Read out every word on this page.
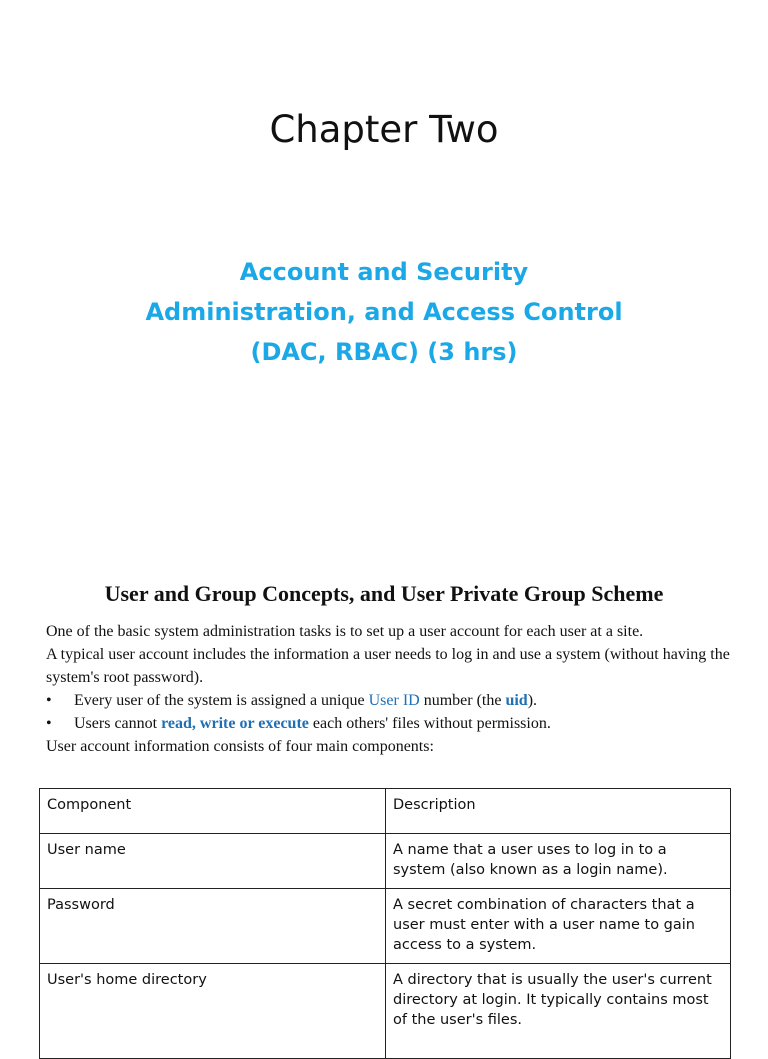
Chapter Two
Account and Security
Administration, and Access Control
(DAC, RBAC) (3 hrs)
User and Group Concepts, and User Private Group Scheme

One of the basic system administration tasks is to set up a user account for each user at a site.

A typical user account includes the information a user needs to log in and use a system (without having the system's root password).

• Every user of the system is assigned a unique User ID number (the uid).

• Users cannot read, write or execute each others' files without permission.

User account information consists of four main components:

Component	Description
User name	A name that a user uses to log in to a system (also known as a login name).
Password	A secret combination of characters that a user must enter with a user name to gain access to a system.
User's home directory	A directory that is usually the user's current directory at login. It typically contains most of the user's files.
